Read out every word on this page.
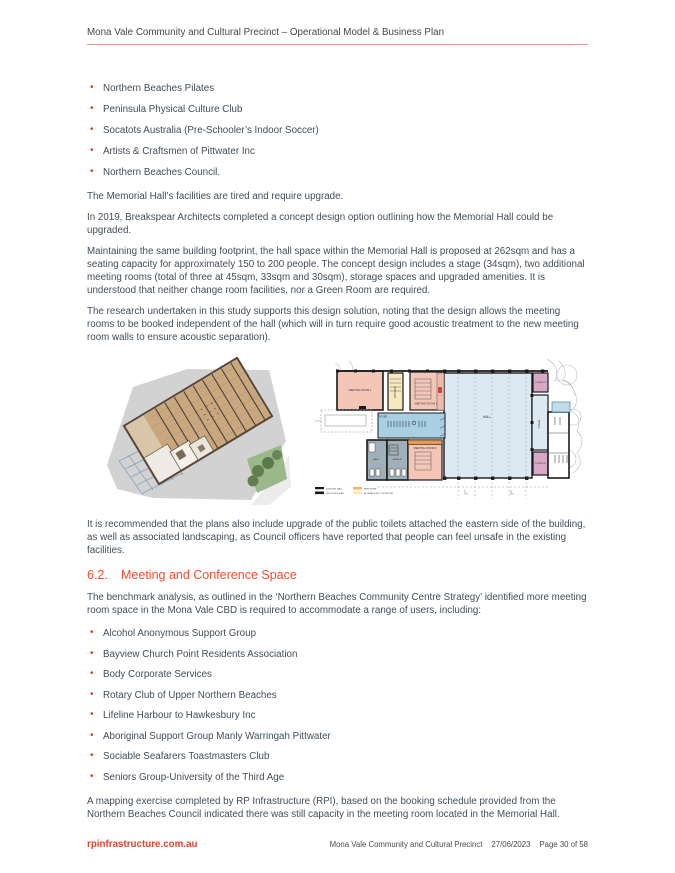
Mona Vale Community and Cultural Precinct – Operational Model & Business Plan
• Northern Beaches Pilates
• Peninsula Physical Culture Club
• Socatots Australia (Pre-Schooler’s Indoor Soccer)
• Artists & Craftsmen of Pittwater Inc
• Northern Beaches Council.

The Memorial Hall’s facilities are tired and require upgrade.

In 2019, Breakspear Architects completed a concept design option outlining how the Memorial Hall could be upgraded.

Maintaining the same building footprint, the hall space within the Memorial Hall is proposed at 262sqm and has a seating capacity for approximately 150 to 200 people. The concept design includes a stage (34sqm), two additional meeting rooms (total of three at 45sqm, 33sqm and 30sqm), storage spaces and upgraded amenities. It is understood that neither change room facilities, nor a Green Room are required.

The research undertaken in this study supports this design solution, noting that the design allows the meeting rooms to be booked independent of the hall (which will in turn require good acoustic treatment to the new meeting room walls to ensure acoustic separation).

MEETING ROOM 1	KITCHEN
MEETING ROOM 2
MEETING ROOM 3
HALL
STAGE
STORE 01
STORE 02
FOYER
FEMALE
MALE
EXISTING WALL
PROPOSED WALL
NEW WORK
ALTERATIONS TO EXISTING

It is recommended that the plans also include upgrade of the public toilets attached the eastern side of the building, as well as associated landscaping, as Council officers have reported that people can feel unsafe in the existing facilities.

6.2. Meeting and Conference Space

The benchmark analysis, as outlined in the ‘Northern Beaches Community Centre Strategy’ identified more meeting room space in the Mona Vale CBD is required to accommodate a range of users, including:

• Alcohol Anonymous Support Group
• Bayview Church Point Residents Association
• Body Corporate Services
• Rotary Club of Upper Northern Beaches
• Lifeline Harbour to Hawkesbury Inc
• Aboriginal Support Group Manly Warringah Pittwater
• Sociable Seafarers Toastmasters Club
• Seniors Group-University of the Third Age

A mapping exercise completed by RP Infrastructure (RPI), based on the booking schedule provided from the Northern Beaches Council indicated there was still capacity in the meeting room located in the Memorial Hall.

rpinfrastructure.com.au	Mona Vale Community and Cultural Precinct 27/06/2023 Page 30 of 58
